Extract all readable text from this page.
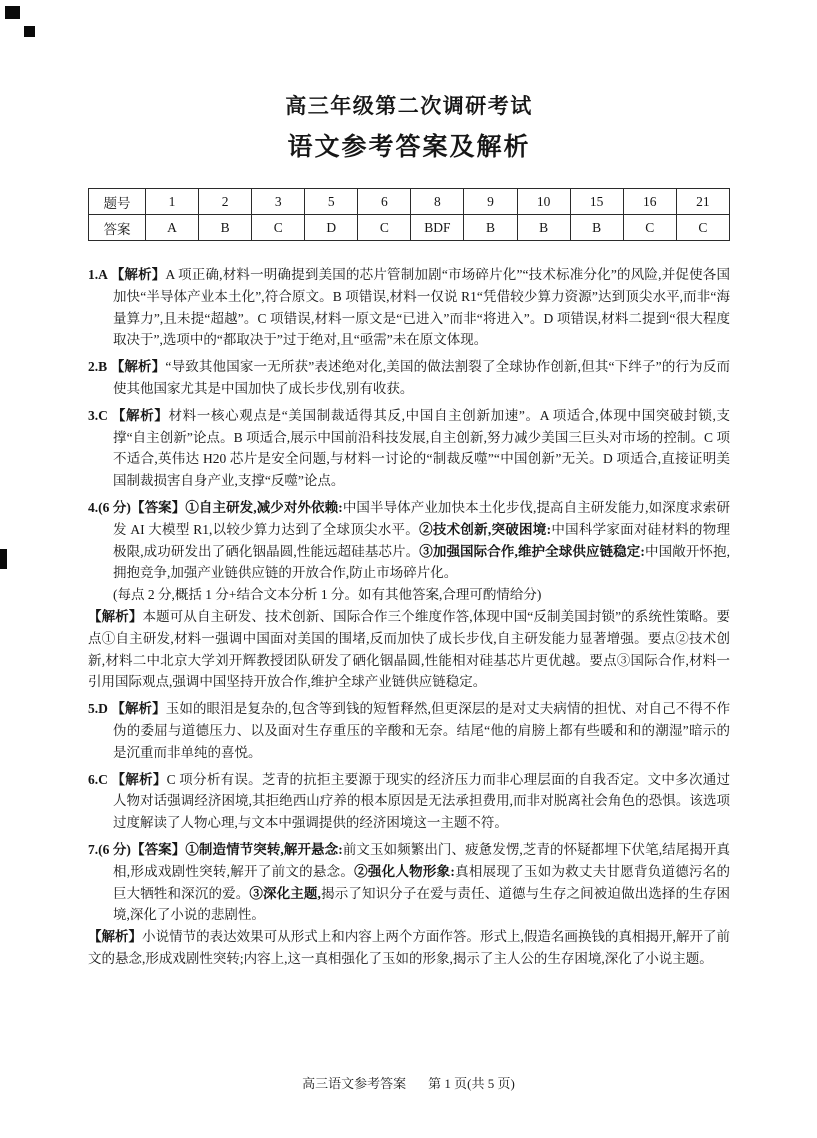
高三年级第二次调研考试
语文参考答案及解析
题号	1	2	3	5	6	8	9	10	15	16	21
答案	A	B	C	D	C	BDF	B	B	B	C	C
1.A 【解析】A 项正确,材料一明确提到美国的芯片管制加剧“市场碎片化”“技术标准分化”的风险,并促使各国加快“半导体产业本土化”,符合原文。B 项错误,材料一仅说 R1“凭借较少算力资源”达到顶尖水平,而非“海量算力”,且未提“超越”。C 项错误,材料一原文是“已进入”而非“将进入”。D 项错误,材料二提到“很大程度取决于”,选项中的“都取决于”过于绝对,且“亟需”未在原文体现。
2.B 【解析】“导致其他国家一无所获”表述绝对化,美国的做法割裂了全球协作创新,但其“下绊子”的行为反而使其他国家尤其是中国加快了成长步伐,别有收获。
3.C 【解析】材料一核心观点是“美国制裁适得其反,中国自主创新加速”。A 项适合,体现中国突破封锁,支撑“自主创新”论点。B 项适合,展示中国前沿科技发展,自主创新,努力减少美国三巨头对市场的控制。C 项不适合,英伟达 H20 芯片是安全问题,与材料一讨论的“制裁反噬”“中国创新”无关。D 项适合,直接证明美国制裁损害自身产业,支撑“反噬”论点。
4.(6 分)【答案】①自主研发,减少对外依赖:中国半导体产业加快本土化步伐,提高自主研发能力,如深度求索研发 AI 大模型 R1,以较少算力达到了全球顶尖水平。②技术创新,突破困境:中国科学家面对硅材料的物理极限,成功研发出了硒化铟晶圆,性能远超硅基芯片。③加强国际合作,维护全球供应链稳定:中国敞开怀抱,拥抱竞争,加强产业链供应链的开放合作,防止市场碎片化。
(每点 2 分,概括 1 分+结合文本分析 1 分。如有其他答案,合理可酌情给分)
【解析】本题可从自主研发、技术创新、国际合作三个维度作答,体现中国“反制美国封锁”的系统性策略。要点①自主研发,材料一强调中国面对美国的围堵,反而加快了成长步伐,自主研发能力显著增强。要点②技术创新,材料二中北京大学刘开辉教授团队研发了硒化铟晶圆,性能相对硅基芯片更优越。要点③国际合作,材料一引用国际观点,强调中国坚持开放合作,维护全球产业链供应链稳定。
5.D 【解析】玉如的眼泪是复杂的,包含等到钱的短暂释然,但更深层的是对丈夫病情的担忧、对自己不得不作伪的委屈与道德压力、以及面对生存重压的辛酸和无奈。结尾“他的肩膀上都有些暖和和的潮湿”暗示的是沉重而非单纯的喜悦。
6.C 【解析】C 项分析有误。芝青的抗拒主要源于现实的经济压力而非心理层面的自我否定。文中多次通过人物对话强调经济困境,其拒绝西山疗养的根本原因是无法承担费用,而非对脱离社会角色的恐惧。该选项过度解读了人物心理,与文本中强调提供的经济困境这一主题不符。
7.(6 分)【答案】①制造情节突转,解开悬念:前文玉如频繁出门、疲惫发愣,芝青的怀疑都埋下伏笔,结尾揭开真相,形成戏剧性突转,解开了前文的悬念。②强化人物形象:真相展现了玉如为救丈夫甘愿背负道德污名的巨大牺牲和深沉的爱。③深化主题,揭示了知识分子在爱与责任、道德与生存之间被迫做出选择的生存困境,深化了小说的悲剧性。
【解析】小说情节的表达效果可从形式上和内容上两个方面作答。形式上,假造名画换钱的真相揭开,解开了前文的悬念,形成戏剧性突转;内容上,这一真相强化了玉如的形象,揭示了主人公的生存困境,深化了小说主题。
高三语文参考答案 第 1 页(共 5 页)
